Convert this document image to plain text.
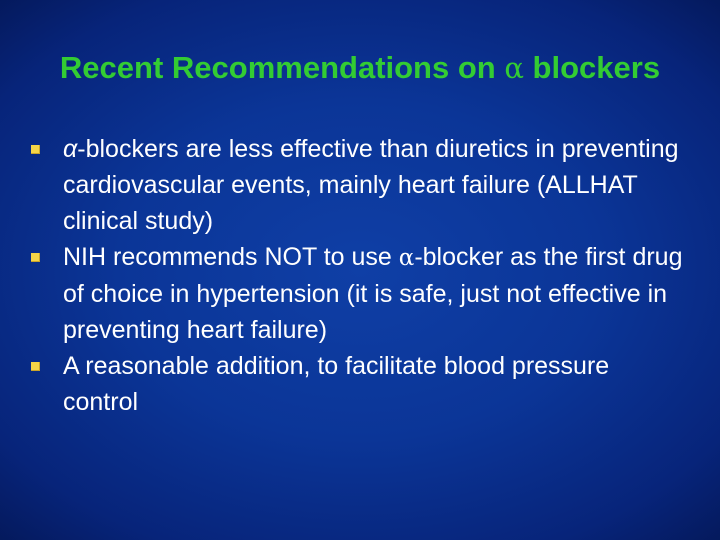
Recent Recommendations on α blockers
α-blockers are less effective than diuretics in preventing cardiovascular events, mainly heart failure (ALLHAT clinical study)
NIH recommends NOT to use α-blocker as the first drug of choice in hypertension (it is safe, just not effective in preventing heart failure)
A reasonable addition, to facilitate blood pressure control
